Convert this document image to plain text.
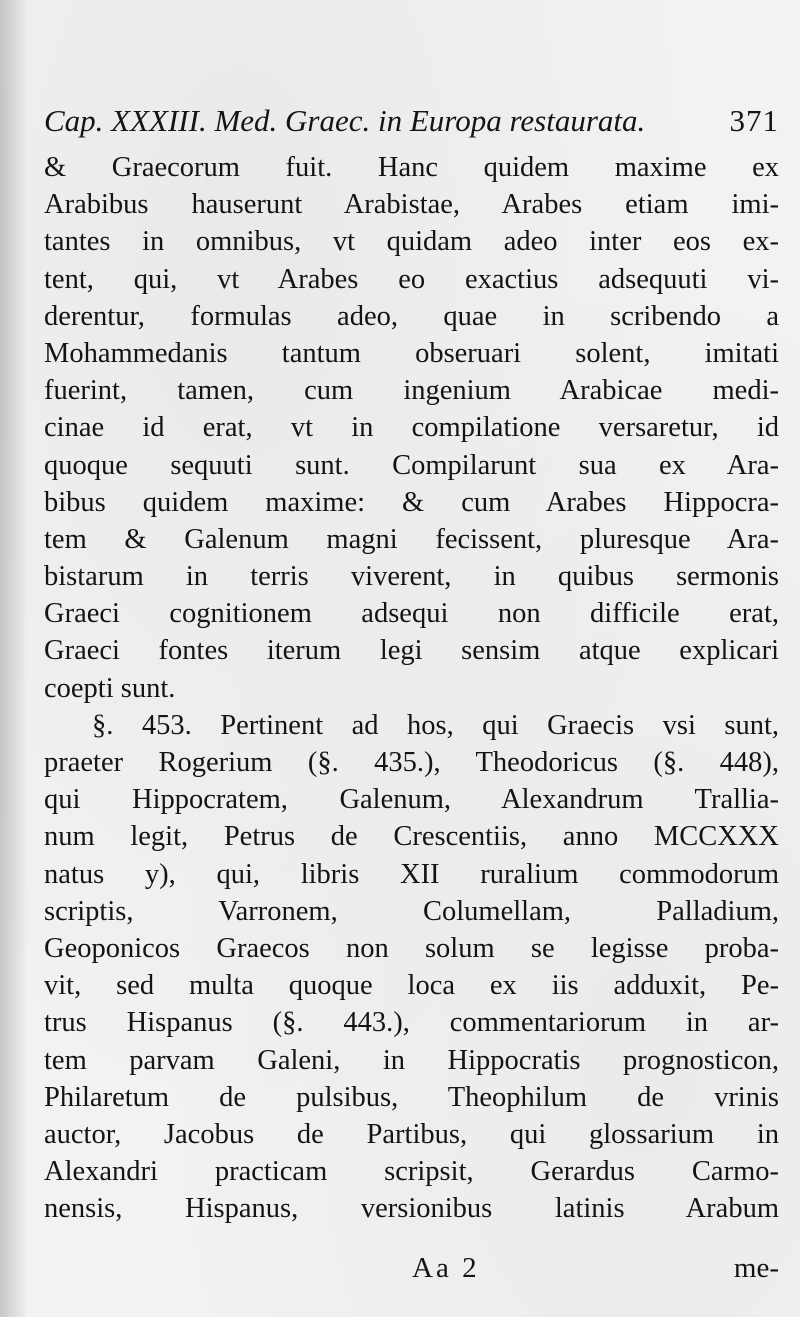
Cap. XXXIII. Med. Graec. in Europa restaurata.	371
& Graecorum fuit. Hanc quidem maxime ex
Arabibus hauserunt Arabistae, Arabes etiam imi-
tantes in omnibus, vt quidam adeo inter eos ex-
tent, qui, vt Arabes eo exactius adsequuti vi-
derentur, formulas adeo, quae in scribendo a
Mohammedanis tantum obseruari solent, imitati
fuerint, tamen, cum ingenium Arabicae medi-
cinae id erat, vt in compilatione versaretur, id
quoque sequuti sunt. Compilarunt sua ex Ara-
bibus quidem maxime: & cum Arabes Hippocra-
tem & Galenum magni fecissent, pluresque Ara-
bistarum in terris viverent, in quibus sermonis
Graeci cognitionem adsequi non difficile erat,
Graeci fontes iterum legi sensim atque explicari
coepti sunt.
§. 453. Pertinent ad hos, qui Graecis vsi sunt,
praeter Rogerium (§. 435.), Theodoricus (§. 448),
qui Hippocratem, Galenum, Alexandrum Trallia-
num legit, Petrus de Crescentiis, anno MCCXXX
natus y), qui, libris XII ruralium commodorum
scriptis, Varronem, Columellam, Palladium,
Geoponicos Graecos non solum se legisse proba-
vit, sed multa quoque loca ex iis adduxit, Pe-
trus Hispanus (§. 443.), commentariorum in ar-
tem parvam Galeni, in Hippocratis prognosticon,
Philaretum de pulsibus, Theophilum de vrinis
auctor, Jacobus de Partibus, qui glossarium in
Alexandri practicam scripsit, Gerardus Carmo-
nensis, Hispanus, versionibus latinis Arabum
Aa 2	me-
